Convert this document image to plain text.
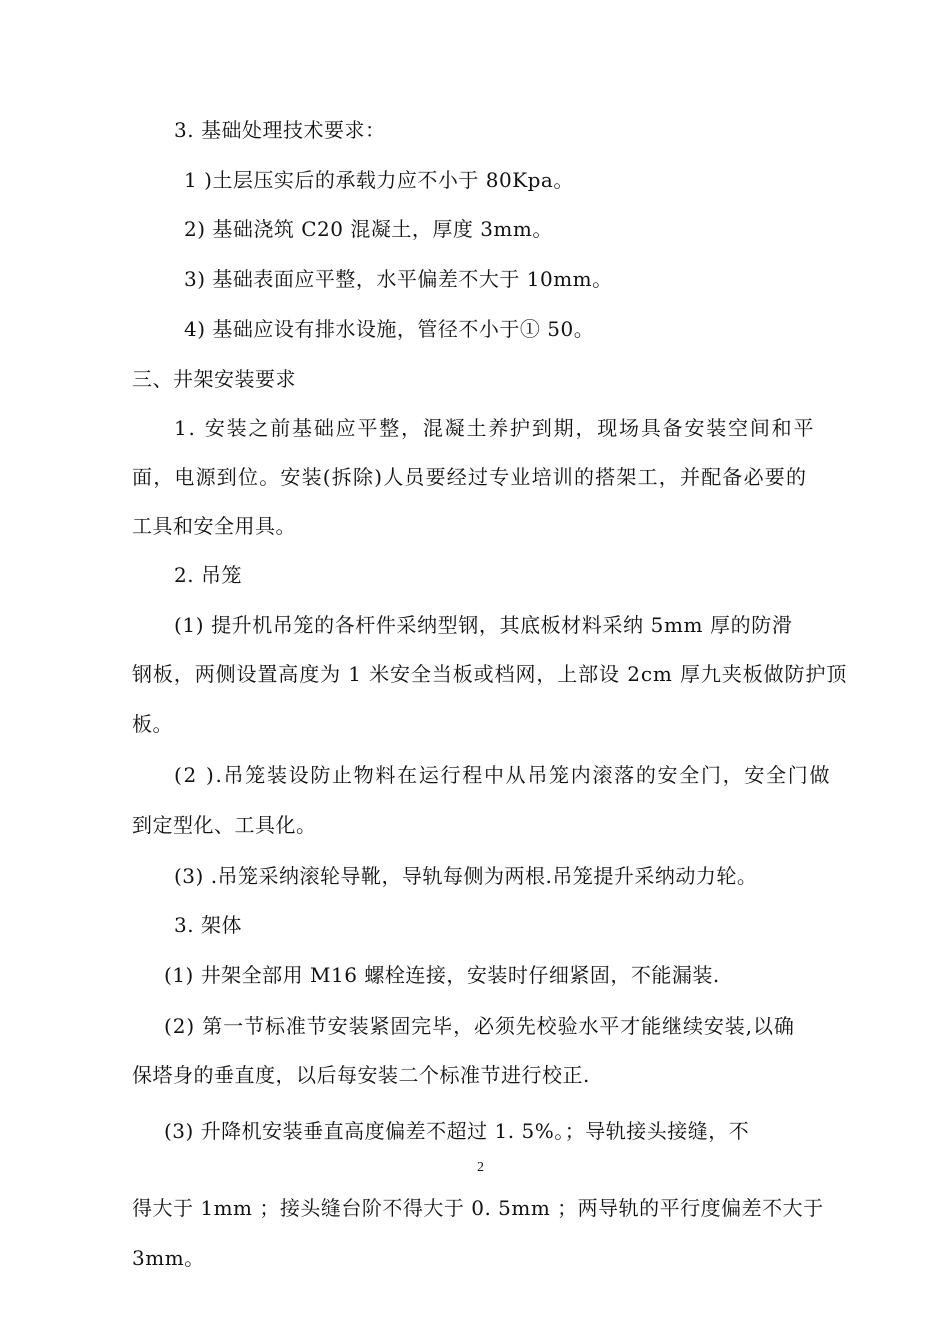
3. 基础处理技术要求：
1 )土层压实后的承载力应不小于 80Kpa。
2) 基础浇筑 C20 混凝土，厚度 3mm。
3) 基础表面应平整，水平偏差不大于 10mm。
4) 基础应设有排水设施，管径不小于① 50。
三、井架安装要求
1. 安装之前基础应平整，混凝土养护到期，现场具备安装空间和平
面，电源到位。安装(拆除)人员要经过专业培训的搭架工，并配备必要的
工具和安全用具。
2. 吊笼
(1) 提升机吊笼的各杆件采纳型钢，其底板材料采纳 5mm 厚的防滑
钢板，两侧设置高度为 1 米安全当板或档网，上部设 2cm 厚九夹板做防护顶
板。
(2 ).吊笼装设防止物料在运行程中从吊笼内滚落的安全门，安全门做
到定型化、工具化。
(3) .吊笼采纳滚轮导靴，导轨每侧为两根.吊笼提升采纳动力轮。
3. 架体
(1) 井架全部用 M16 螺栓连接，安装时仔细紧固，不能漏装.
(2) 第一节标准节安装紧固完毕，必须先校验水平才能继续安装,以确
保塔身的垂直度，以后每安装二个标准节进行校正.
(3) 升降机安装垂直高度偏差不超过 1. 5%。；导轨接头接缝，不
2
得大于 1mm ；接头缝台阶不得大于 0. 5mm ；两导轨的平行度偏差不大于
3mm。
